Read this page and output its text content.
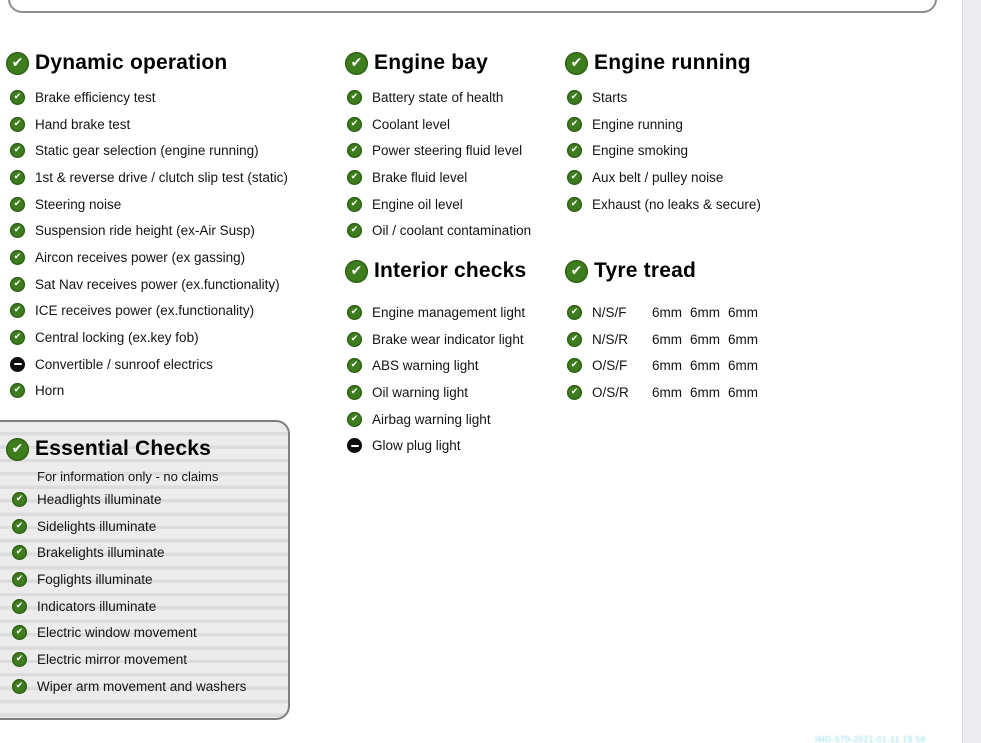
✔
Dynamic operation
✔
Brake efficiency test
✔
Hand brake test
✔
Static gear selection (engine running)
✔
1st & reverse drive / clutch slip test (static)
✔
Steering noise
✔
Suspension ride height (ex-Air Susp)
✔
Aircon receives power (ex gassing)
✔
Sat Nav receives power (ex.functionality)
✔
ICE receives power (ex.functionality)
✔
Central locking (ex.key fob)
Convertible / sunroof electrics
✔
Horn
✔
Engine bay
✔
Battery state of health
✔
Coolant level
✔
Power steering fluid level
✔
Brake fluid level
✔
Engine oil level
✔
Oil / coolant contamination
✔
Engine running
✔
Starts
✔
Engine running
✔
Engine smoking
✔
Aux belt / pulley noise
✔
Exhaust (no leaks & secure)
✔
Interior checks
✔
Engine management light
✔
Brake wear indicator light
✔
ABS warning light
✔
Oil warning light
✔
Airbag warning light
Glow plug light
✔
Tyre tread
✔
N/S/F	6mm 6mm 6mm
✔
N/S/R	6mm 6mm 6mm
✔
O/S/F	6mm 6mm 6mm
✔
O/S/R	6mm 6mm 6mm
✔
Essential Checks
For information only - no claims
✔
Headlights illuminate
✔
Sidelights illuminate
✔
Brakelights illuminate
✔
Foglights illuminate
✔
Indicators illuminate
✔
Electric window movement
✔
Electric mirror movement
✔
Wiper arm movement and washers
IMG-570-2021-01-11 19:58
